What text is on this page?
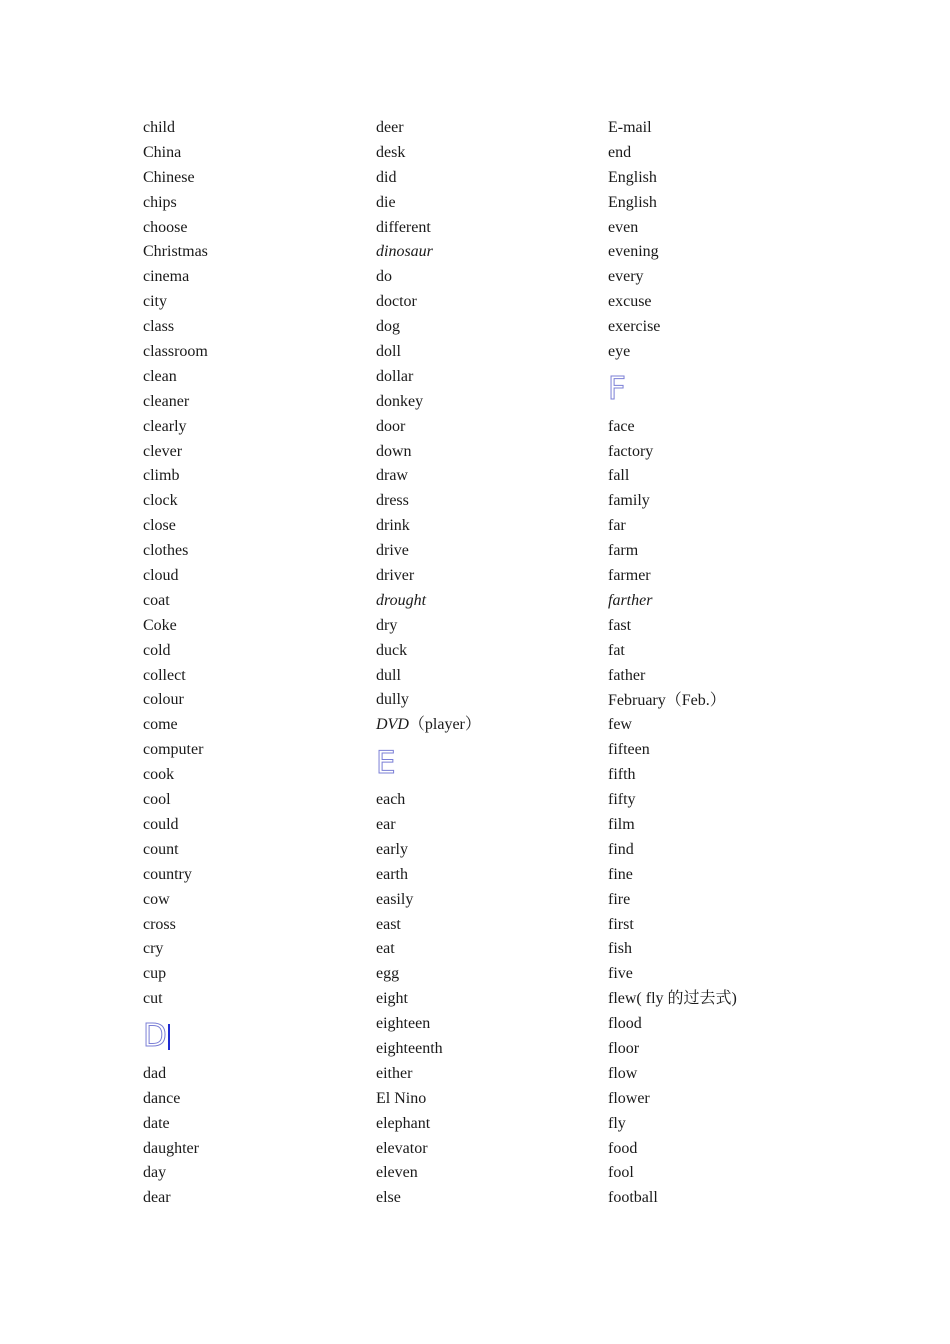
child
China
Chinese
chips
choose
Christmas
cinema
city
class
classroom
clean
cleaner
clearly
clever
climb
clock
close
clothes
cloud
coat
Coke
cold
collect
colour
come
computer
cook
cool
could
count
country
cow
cross
cry
cup
cut
D
dad
dance
date
daughter
day
dear
deer
desk
did
die
different
dinosaur
do
doctor
dog
doll
dollar
donkey
door
down
draw
dress
drink
drive
driver
drought
dry
duck
dull
dully
DVD（player）
E
each
ear
early
earth
easily
east
eat
egg
eight
eighteen
eighteenth
either
El Nino
elephant
elevator
eleven
else
E-mail
end
English
English
even
evening
every
excuse
exercise
eye
F
face
factory
fall
family
far
farm
farmer
farther
fast
fat
father
February（Feb.）
few
fifteen
fifth
fifty
film
find
fine
fire
first
fish
five
flew( fly 的过去式)
flood
floor
flow
flower
fly
food
fool
football
